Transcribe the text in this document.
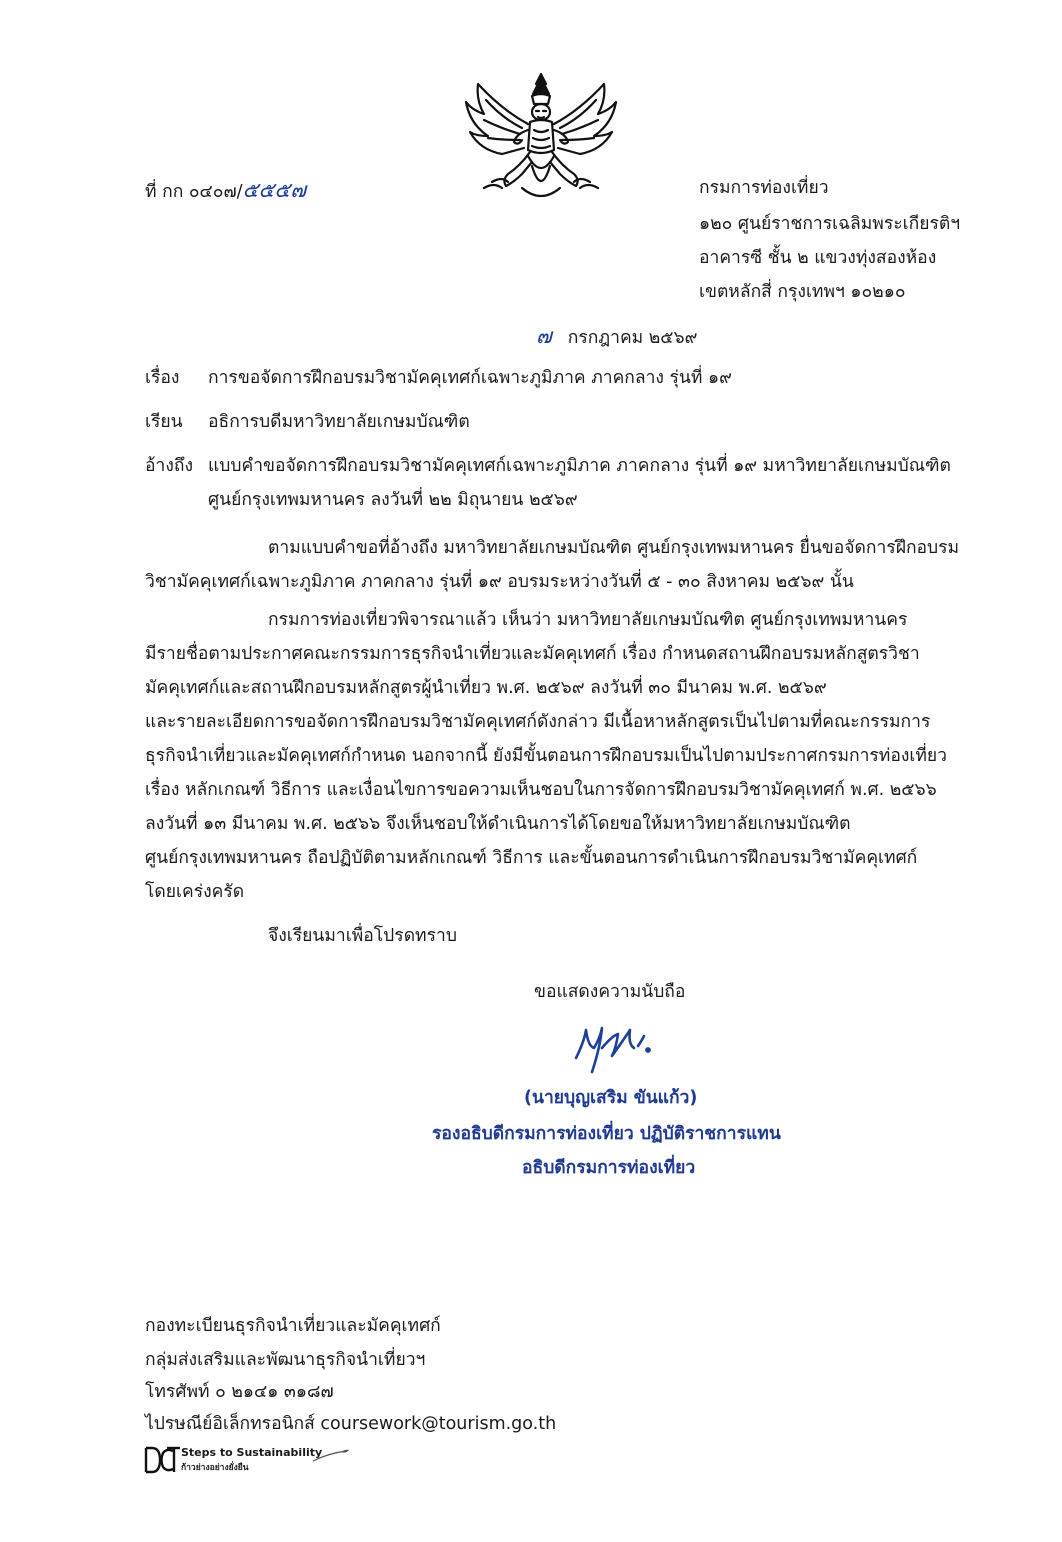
ที่ กก ๐๔๐๗/๕๕๕๗	กรมการท่องเที่ยว
๑๒๐ ศูนย์ราชการเฉลิมพระเกียรติฯ
อาคารซี ชั้น ๒ แขวงทุ่งสองห้อง
เขตหลักสี่ กรุงเทพฯ ๑๐๒๑๐
๗ กรกฎาคม ๒๕๖๙
เรื่อง การขอจัดการฝึกอบรมวิชามัคคุเทศก์เฉพาะภูมิภาค ภาคกลาง รุ่นที่ ๑๙
เรียน อธิการบดีมหาวิทยาลัยเกษมบัณฑิต
อ้างถึง แบบคำขอจัดการฝึกอบรมวิชามัคคุเทศก์เฉพาะภูมิภาค ภาคกลาง รุ่นที่ ๑๙ มหาวิทยาลัยเกษมบัณฑิต
ศูนย์กรุงเทพมหานคร ลงวันที่ ๒๒ มิถุนายน ๒๕๖๙
ตามแบบคำขอที่อ้างถึง มหาวิทยาลัยเกษมบัณฑิต ศูนย์กรุงเทพมหานคร ยื่นขอจัดการฝึกอบรม
วิชามัคคุเทศก์เฉพาะภูมิภาค ภาคกลาง รุ่นที่ ๑๙ อบรมระหว่างวันที่ ๕ - ๓๐ สิงหาคม ๒๕๖๙ นั้น
กรมการท่องเที่ยวพิจารณาแล้ว เห็นว่า มหาวิทยาลัยเกษมบัณฑิต ศูนย์กรุงเทพมหานคร
มีรายชื่อตามประกาศคณะกรรมการธุรกิจนำเที่ยวและมัคคุเทศก์ เรื่อง กำหนดสถานฝึกอบรมหลักสูตรวิชา
มัคคุเทศก์และสถานฝึกอบรมหลักสูตรผู้นำเที่ยว พ.ศ. ๒๕๖๙ ลงวันที่ ๓๐ มีนาคม พ.ศ. ๒๕๖๙
และรายละเอียดการขอจัดการฝึกอบรมวิชามัคคุเทศก์ดังกล่าว มีเนื้อหาหลักสูตรเป็นไปตามที่คณะกรรมการ
ธุรกิจนำเที่ยวและมัคคุเทศก์กำหนด นอกจากนี้ ยังมีขั้นตอนการฝึกอบรมเป็นไปตามประกาศกรมการท่องเที่ยว
เรื่อง หลักเกณฑ์ วิธีการ และเงื่อนไขการขอความเห็นชอบในการจัดการฝึกอบรมวิชามัคคุเทศก์ พ.ศ. ๒๕๖๖
ลงวันที่ ๑๓ มีนาคม พ.ศ. ๒๕๖๖ จึงเห็นชอบให้ดำเนินการได้โดยขอให้มหาวิทยาลัยเกษมบัณฑิต
ศูนย์กรุงเทพมหานคร ถือปฏิบัติตามหลักเกณฑ์ วิธีการ และขั้นตอนการดำเนินการฝึกอบรมวิชามัคคุเทศก์
โดยเคร่งครัด
จึงเรียนมาเพื่อโปรดทราบ
ขอแสดงความนับถือ
(นายบุญเสริม ขันแก้ว)
รองอธิบดีกรมการท่องเที่ยว ปฏิบัติราชการแทน
อธิบดีกรมการท่องเที่ยว
กองทะเบียนธุรกิจนำเที่ยวและมัคคุเทศก์
กลุ่มส่งเสริมและพัฒนาธุรกิจนำเที่ยวฯ
โทรศัพท์ ๐ ๒๑๔๑ ๓๑๘๗
ไปรษณีย์อิเล็กทรอนิกส์ coursework@tourism.go.th
Steps to Sustainability
ก้าวย่างอย่างยั่งยืน
